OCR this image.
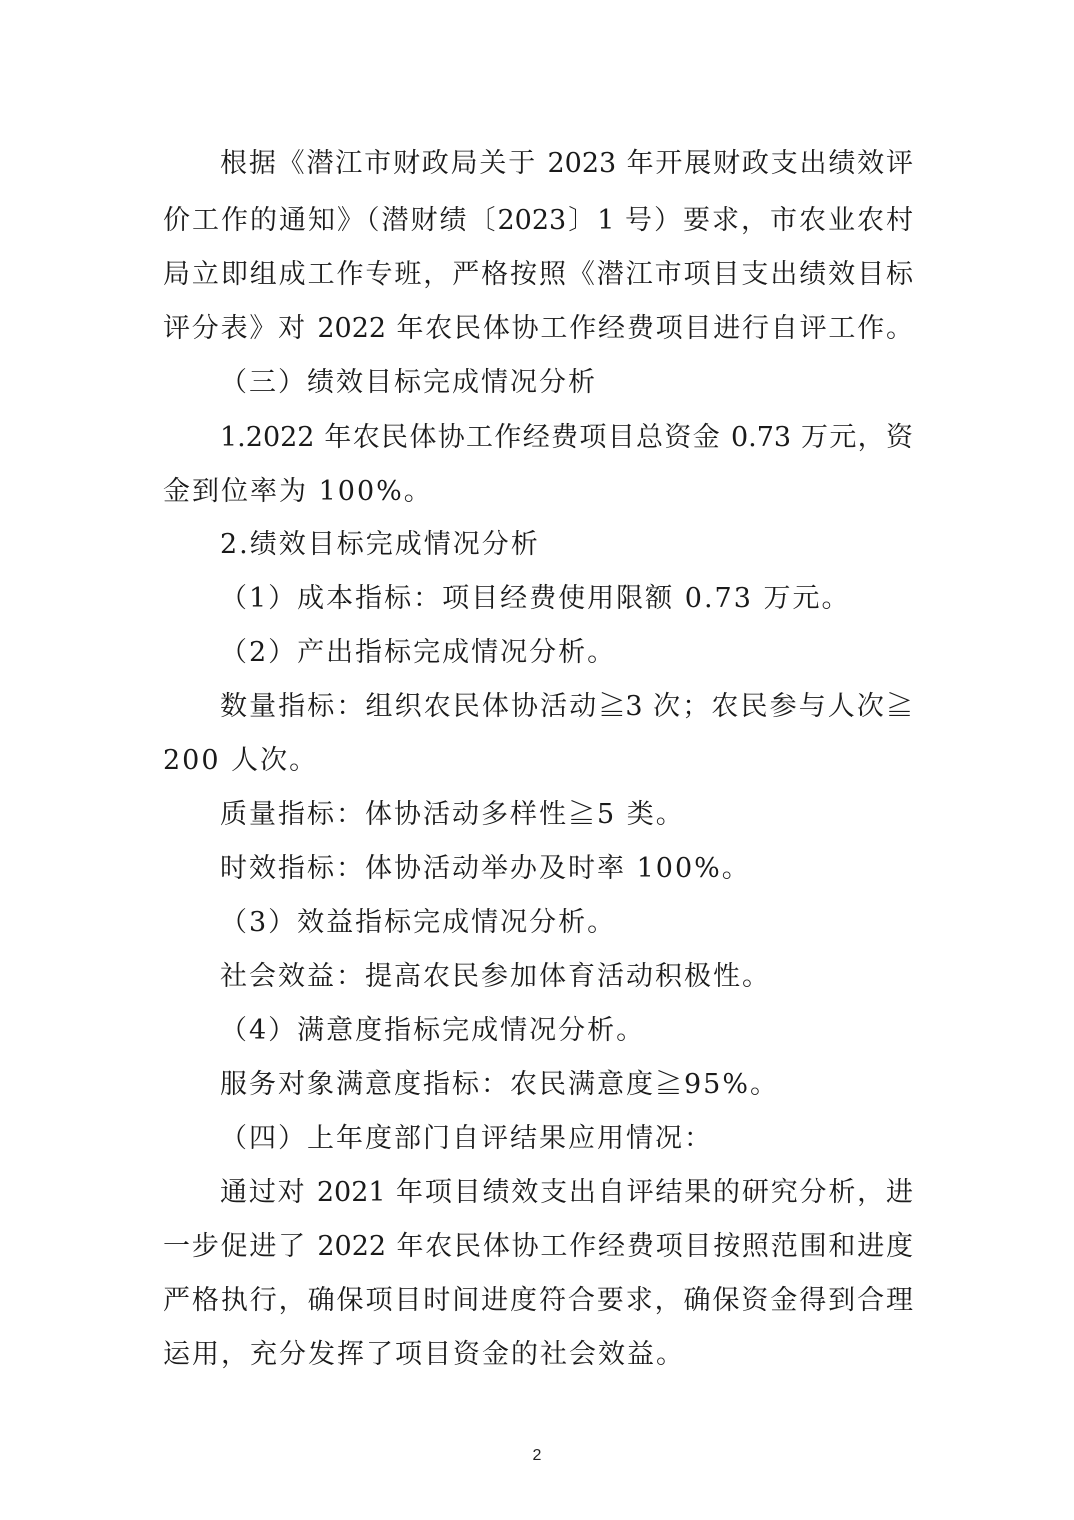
根据《潜江市财政局关于 2023 年开展财政支出绩效评
价工作的通知》（潜财绩〔2023〕1 号）要求，市农业农村
局立即组成工作专班，严格按照《潜江市项目支出绩效目标
评分表》对 2022 年农民体协工作经费项目进行自评工作。
（三）绩效目标完成情况分析
1.2022 年农民体协工作经费项目总资金 0.73 万元，资
金到位率为 100%。
2.绩效目标完成情况分析
（1）成本指标：项目经费使用限额 0.73 万元。
（2）产出指标完成情况分析。
数量指标：组织农民体协活动≧3 次；农民参与人次≧
200 人次。
质量指标：体协活动多样性≧5 类。
时效指标：体协活动举办及时率 100%。
（3）效益指标完成情况分析。
社会效益：提高农民参加体育活动积极性。
（4）满意度指标完成情况分析。
服务对象满意度指标：农民满意度≧95%。
（四）上年度部门自评结果应用情况：
通过对 2021 年项目绩效支出自评结果的研究分析，进
一步促进了 2022 年农民体协工作经费项目按照范围和进度
严格执行，确保项目时间进度符合要求，确保资金得到合理
运用，充分发挥了项目资金的社会效益。
2
